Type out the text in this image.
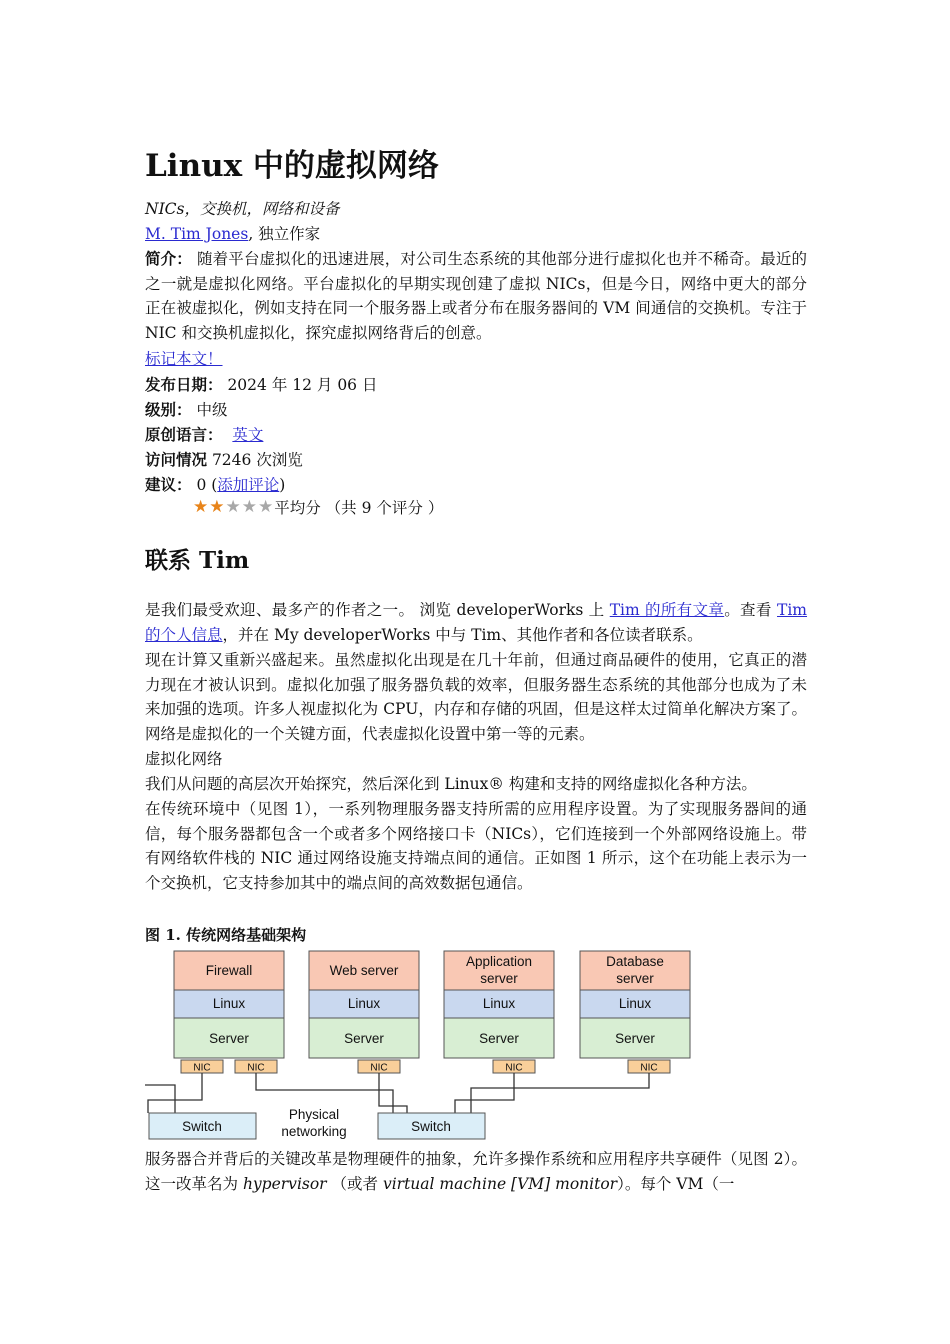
Linux 中的虚拟网络
NICs，交换机，网络和设备
M. Tim Jones, 独立作家
简介： 随着平台虚拟化的迅速进展，对公司生态系统的其他部分进行虚拟化也并不稀奇。最近的之一就是虚拟化网络。平台虚拟化的早期实现创建了虚拟 NICs，但是今日，网络中更大的部分正在被虚拟化，例如支持在同一个服务器上或者分布在服务器间的 VM 间通信的交换机。专注于 NIC 和交换机虚拟化，探究虚拟网络背后的创意。
标记本文！
发布日期： 2024 年 12 月 06 日
级别： 中级
原创语言： 英文
访问情况 7246 次浏览
建议： 0 (添加评论)
★★★★★ 平均分 （共 9 个评分 ）
联系 Tim
是我们最受欢迎、最多产的作者之一。 浏览 developerWorks 上 Tim 的所有文章。查看 Tim 的个人信息，并在 My developerWorks 中与 Tim、其他作者和各位读者联系。
现在计算又重新兴盛起来。虽然虚拟化出现是在几十年前，但通过商品硬件的使用，它真正的潜力现在才被认识到。虚拟化加强了服务器负载的效率，但服务器生态系统的其他部分也成为了未来加强的选项。许多人视虚拟化为 CPU，内存和存储的巩固，但是这样太过简单化解决方案了。网络是虚拟化的一个关键方面，代表虚拟化设置中第一等的元素。
虚拟化网络
我们从问题的高层次开始探究，然后深化到 Linux® 构建和支持的网络虚拟化各种方法。
在传统环境中（见图 1），一系列物理服务器支持所需的应用程序设置。为了实现服务器间的通信，每个服务器都包含一个或者多个网络接口卡（NICs），它们连接到一个外部网络设施上。带有网络软件栈的 NIC 通过网络设施支持端点间的通信。正如图 1 所示，这个在功能上表示为一个交换机，它支持参加其中的端点间的高效数据包通信。
图 1. 传统网络基础架构
服务器合并背后的关键改革是物理硬件的抽象，允许多操作系统和应用程序共享硬件（见图 2）。这一改革名为 hypervisor （或者 virtual machine [VM] monitor）。每个 VM（一
Firewall
Linux
Server
Web server
Linux
Server
Application
server
Linux
Server
Database
server
Linux
Server
NIC	NIC	NIC	NIC	NIC
Switch	Switch
Physical
networking
